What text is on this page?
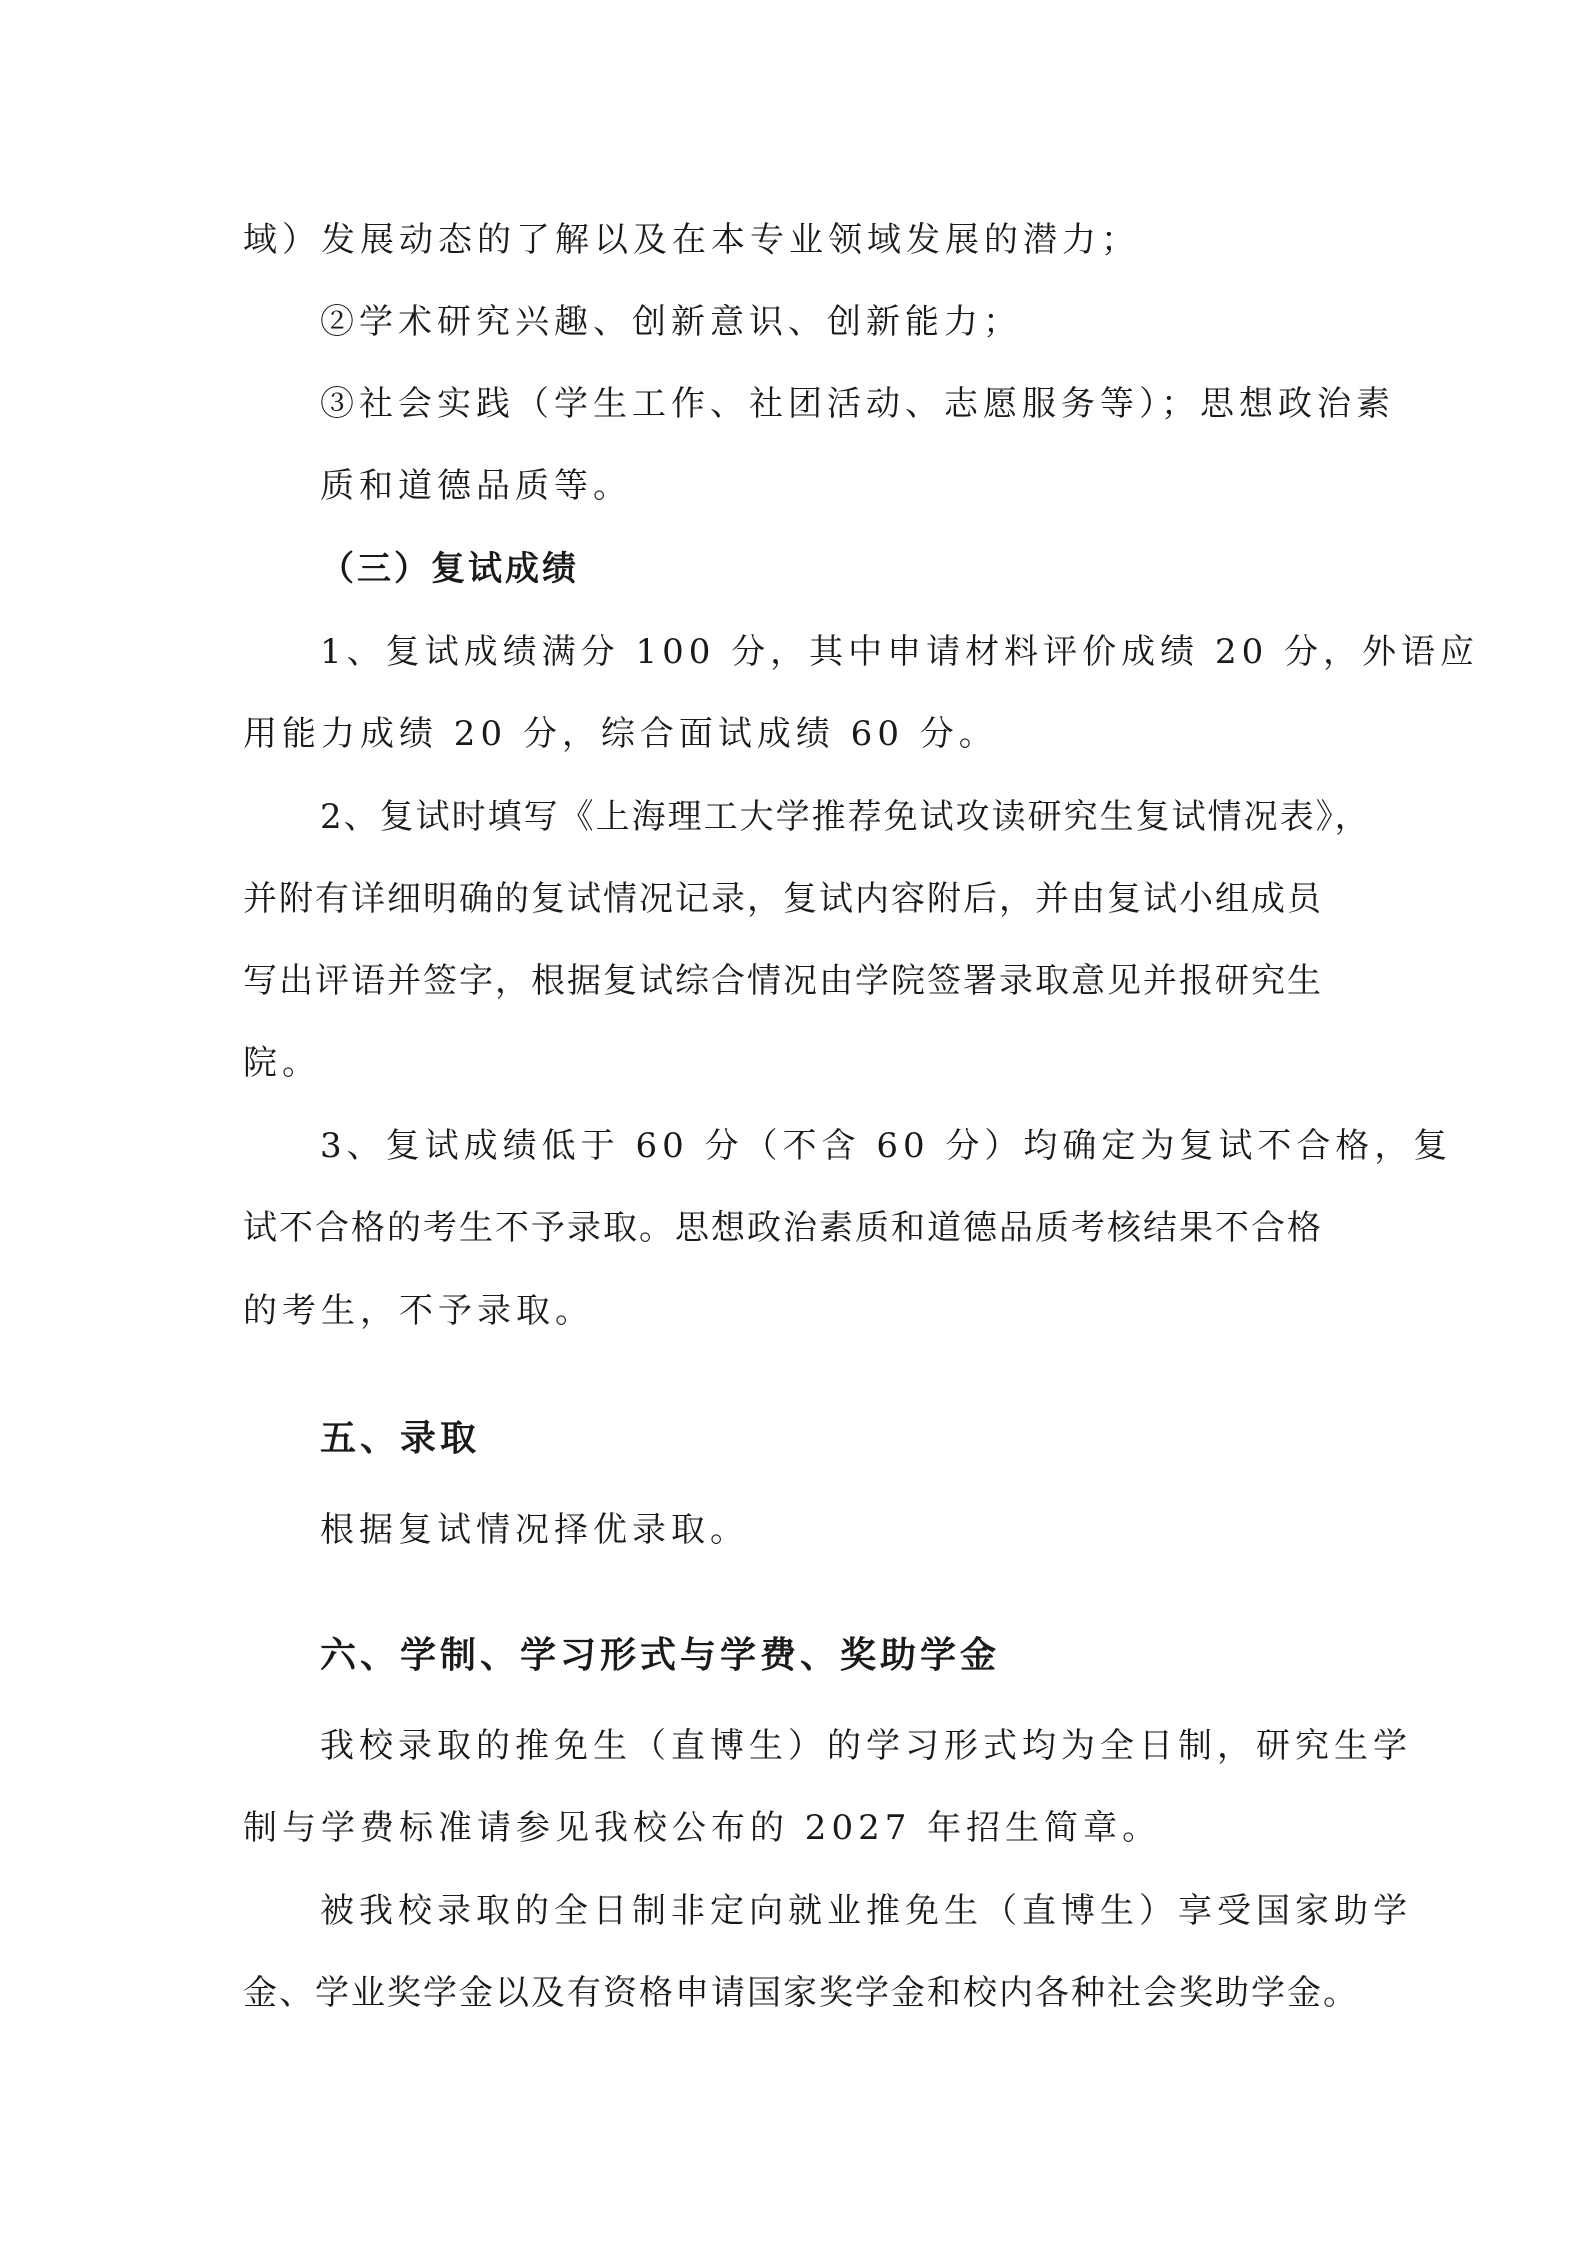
域）发展动态的了解以及在本专业领域发展的潜力；

②学术研究兴趣、创新意识、创新能力；

③社会实践（学生工作、社团活动、志愿服务等）；思想政治素

质和道德品质等。

（三）复试成绩

1、复试成绩满分 100 分，其中申请材料评价成绩 20 分，外语应

用能力成绩 20 分，综合面试成绩 60 分。

2、复试时填写《上海理工大学推荐免试攻读研究生复试情况表》，

并附有详细明确的复试情况记录，复试内容附后，并由复试小组成员

写出评语并签字，根据复试综合情况由学院签署录取意见并报研究生

院。

3、复试成绩低于 60 分（不含 60 分）均确定为复试不合格，复

试不合格的考生不予录取。思想政治素质和道德品质考核结果不合格

的考生，不予录取。

五、录取

根据复试情况择优录取。

六、学制、学习形式与学费、奖助学金

我校录取的推免生（直博生）的学习形式均为全日制，研究生学

制与学费标准请参见我校公布的 2027 年招生简章。

被我校录取的全日制非定向就业推免生（直博生）享受国家助学

金、学业奖学金以及有资格申请国家奖学金和校内各种社会奖助学金。
